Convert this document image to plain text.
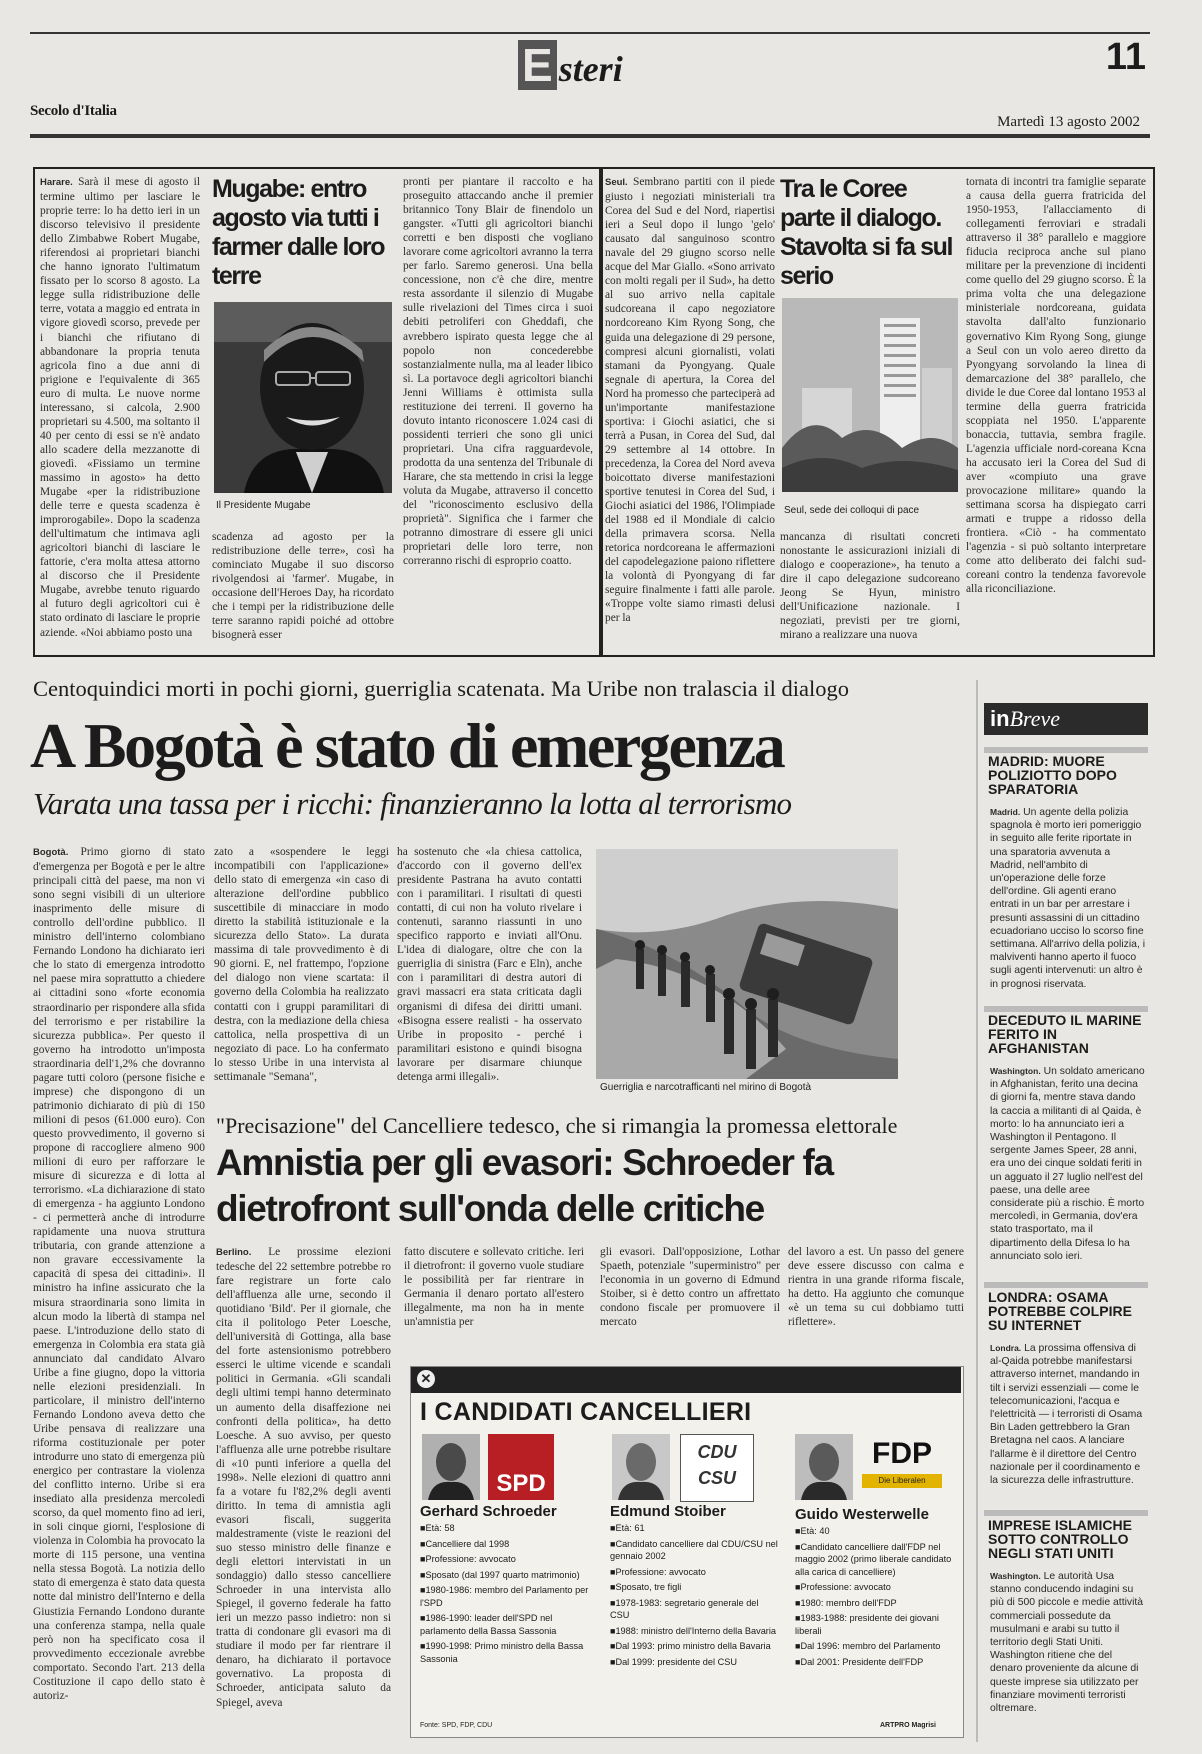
E steri	11
Secolo d'Italia
Martedì 13 agosto 2002
Harare. Sarà il mese di agosto il termine ultimo per lasciare le proprie terre: lo ha detto ieri in un discorso televisivo il presidente dello Zimbabwe Robert Mugabe, riferendosi ai proprietari bianchi che hanno ignorato l'ultimatum fissato per lo scorso 8 agosto. La legge sulla ridistribuzione delle terre, votata a maggio ed entrata in vigore giovedì scorso, prevede per i bianchi che rifiutano di abbandonare la propria tenuta agricola fino a due anni di prigione e l'equivalente di 365 euro di multa. Le nuove norme interessano, si calcola, 2.900 proprietari su 4.500, ma soltanto il 40 per cento di essi se n'è andato allo scadere della mezzanotte di giovedì. «Fissiamo un termine massimo in agosto» ha detto Mugabe «per la ridistribuzione delle terre e questa scadenza è improrogabile». Dopo la scadenza dell'ultimatum che intimava agli agricoltori bianchi di lasciare le fattorie, c'era molta attesa attorno al discorso che il Presidente Mugabe, avrebbe tenuto riguardo al futuro degli agricoltori cui è stato ordinato di lasciare le proprie aziende. «Noi abbiamo posto una
Mugabe: entro agosto via tutti i farmer dalle loro terre
Il Presidente Mugabe
scadenza ad agosto per la redistribuzione delle terre», così ha cominciato Mugabe il suo discorso rivolgendosi ai 'farmer'. Mugabe, in occasione dell'Heroes Day, ha ricordato che i tempi per la ridistribuzione delle terre saranno rapidi poiché ad ottobre bisognerà esser
pronti per piantare il raccolto e ha proseguito attaccando anche il premier britannico Tony Blair de finendolo un gangster. «Tutti gli agricoltori bianchi corretti e ben disposti che vogliano lavorare come agricoltori avranno la terra per farlo. Saremo generosi. Una bella concessione, non c'è che dire, mentre resta assordante il silenzio di Mugabe sulle rivelazioni del Times circa i suoi debiti petroliferi con Gheddafi, che avrebbero ispirato questa legge che al popolo non concederebbe sostanzialmente nulla, ma al leader libico sì. La portavoce degli agricoltori bianchi Jenni Williams è ottimista sulla restituzione dei terreni. Il governo ha dovuto intanto riconoscere 1.024 casi di possidenti terrieri che sono gli unici proprietari. Una cifra ragguardevole, prodotta da una sentenza del Tribunale di Harare, che sta mettendo in crisi la legge voluta da Mugabe, attraverso il concetto del "riconoscimento esclusivo della proprietà". Significa che i farmer che potranno dimostrare di essere gli unici proprietari delle loro terre, non correranno rischi di esproprio coatto.
Seul. Sembrano partiti con il piede giusto i negoziati ministeriali tra Corea del Sud e del Nord, riapertisi ieri a Seul dopo il lungo 'gelo' causato dal sanguinoso scontro navale del 29 giugno scorso nelle acque del Mar Giallo. «Sono arrivato con molti regali per il Sud», ha detto al suo arrivo nella capitale sudcoreana il capo negoziatore nordcoreano Kim Ryong Song, che guida una delegazione di 29 persone, compresi alcuni giornalisti, volati stamani da Pyongyang. Quale segnale di apertura, la Corea del Nord ha promesso che parteciperà ad un'importante manifestazione sportiva: i Giochi asiatici, che si terrà a Pusan, in Corea del Sud, dal 29 settembre al 14 ottobre. In precedenza, la Corea del Nord aveva boicottato diverse manifestazioni sportive tenutesi in Corea del Sud, i Giochi asiatici del 1986, l'Olimpiade del 1988 ed il Mondiale di calcio della primavera scorsa. Nella retorica nordcoreana le affermazioni del capodelegazione paiono riflettere la volontà di Pyongyang di far seguire finalmente i fatti alle parole. «Troppe volte siamo rimasti delusi per la
Tra le Coree parte il dialogo. Stavolta si fa sul serio
Seul, sede dei colloqui di pace
mancanza di risultati concreti nonostante le assicurazioni iniziali di dialogo e cooperazione», ha tenuto a dire il capo delegazione sudcoreano Jeong Se Hyun, ministro dell'Unificazione nazionale. I negoziati, previsti per tre giorni, mirano a realizzare una nuova
tornata di incontri tra famiglie separate a causa della guerra fratricida del 1950-1953, l'allacciamento di collegamenti ferroviari e stradali attraverso il 38° parallelo e maggiore fiducia reciproca anche sul piano militare per la prevenzione di incidenti come quello del 29 giugno scorso. È la prima volta che una delegazione ministeriale nordcoreana, guidata stavolta dall'alto funzionario governativo Kim Ryong Song, giunge a Seul con un volo aereo diretto da Pyongyang sorvolando la linea di demarcazione del 38° parallelo, che divide le due Coree dal lontano 1953 al termine della guerra fratricida scoppiata nel 1950. L'apparente bonaccia, tuttavia, sembra fragile. L'agenzia ufficiale nord-coreana Kcna ha accusato ieri la Corea del Sud di aver «compiuto una grave provocazione militare» quando la settimana scorsa ha dispiegato carri armati e truppe a ridosso della frontiera. «Ciò - ha commentato l'agenzia - si può soltanto interpretare come atto deliberato dei falchi sud-coreani contro la tendenza favorevole alla riconciliazione.
Centoquindici morti in pochi giorni, guerriglia scatenata. Ma Uribe non tralascia il dialogo
A Bogotà è stato di emergenza
Varata una tassa per i ricchi: finanzieranno la lotta al terrorismo
Bogotà. Primo giorno di stato d'emergenza per Bogotà e per le altre principali città del paese, ma non vi sono segni visibili di un ulteriore inasprimento delle misure di controllo dell'ordine pubblico. Il ministro dell'interno colombiano Fernando Londono ha dichiarato ieri che lo stato di emergenza introdotto nel paese mira soprattutto a chiedere ai cittadini sono «forte economia straordinario per rispondere alla sfida del terrorismo e per ristabilire la sicurezza pubblica». Per questo il governo ha introdotto un'imposta straordinaria dell'1,2% che dovranno pagare tutti coloro (persone fisiche e imprese) che dispongono di un patrimonio dichiarato di più di 150 milioni di pesos (61.000 euro). Con questo provvedimento, il governo si propone di raccogliere almeno 900 milioni di euro per rafforzare le misure di sicurezza e di lotta al terrorismo. «La dichiarazione di stato di emergenza - ha aggiunto Londono - ci permetterà anche di introdurre rapidamente una nuova struttura tributaria, con grande attenzione a non gravare eccessivamente la capacità di spesa dei cittadini». Il ministro ha infine assicurato che la misura straordinaria sono limita in alcun modo la libertà di stampa nel paese. L'introduzione dello stato di emergenza in Colombia era stata già annunciato dal candidato Alvaro Uribe a fine giugno, dopo la vittoria nelle elezioni presidenziali. In particolare, il ministro dell'interno Fernando Londono aveva detto che Uribe pensava di realizzare una riforma costituzionale per poter introdurre uno stato di emergenza più energico per contrastare la violenza del conflitto interno. Uribe si era insediato alla presidenza mercoledì scorso, da quel momento fino ad ieri, in soli cinque giorni, l'esplosione di violenza in Colombia ha provocato la morte di 115 persone, una ventina nella stessa Bogotà. La notizia dello stato di emergenza è stato data questa notte dal ministro dell'Interno e della Giustizia Fernando Londono durante una conferenza stampa, nella quale però non ha specificato cosa il provvedimento eccezionale avrebbe comportato. Secondo l'art. 213 della Costituzione il capo dello stato è autoriz-
zato a «sospendere le leggi incompatibili con l'applicazione» dello stato di emergenza «in caso di alterazione dell'ordine pubblico suscettibile di minacciare in modo diretto la stabilità istituzionale e la sicurezza dello Stato». La durata massima di tale provvedimento è di 90 giorni. E, nel frattempo, l'opzione del dialogo non viene scartata: il governo della Colombia ha realizzato contatti con i gruppi paramilitari di destra, con la mediazione della chiesa cattolica, nella prospettiva di un negoziato di pace. Lo ha confermato lo stesso Uribe in una intervista al settimanale "Semana",
ha sostenuto che «la chiesa cattolica, d'accordo con il governo dell'ex presidente Pastrana ha avuto contatti con i paramilitari. I risultati di questi contatti, di cui non ha voluto rivelare i contenuti, saranno riassunti in uno specifico rapporto e inviati all'Onu. L'idea di dialogare, oltre che con la guerriglia di sinistra (Farc e Eln), anche con i paramilitari di destra autori di gravi massacri era stata criticata dagli organismi di difesa dei diritti umani. «Bisogna essere realisti - ha osservato Uribe in proposito - perché i paramilitari esistono e quindi bisogna lavorare per disarmare chiunque detenga armi illegali».
Guerriglia e narcotrafficanti nel mirino di Bogotà
"Precisazione" del Cancelliere tedesco, che si rimangia la promessa elettorale
Amnistia per gli evasori: Schroeder fa dietrofront sull'onda delle critiche
Berlino. Le prossime elezioni tedesche del 22 settembre potrebbe ro fare registrare un forte calo dell'affluenza alle urne, secondo il quotidiano 'Bild'. Per il giornale, che cita il politologo Peter Loesche, dell'università di Gottinga, alla base del forte astensionismo potrebbero esserci le ultime vicende e scandali politici in Germania. «Gli scandali degli ultimi tempi hanno determinato un aumento della disaffezione nei confronti della politica», ha detto Loesche. A suo avviso, per questo l'affluenza alle urne potrebbe risultare di «10 punti inferiore a quella del 1998». Nelle elezioni di quattro anni fa a votare fu l'82,2% degli aventi diritto. In tema di amnistia agli evasori fiscali, suggerita maldestramente (viste le reazioni del suo stesso ministro delle finanze e degli elettori intervistati in un sondaggio) dallo stesso cancelliere Schroeder in una intervista allo Spiegel, il governo federale ha fatto ieri un mezzo passo indietro: non si tratta di condonare gli evasori ma di studiare il modo per far rientrare il denaro, ha dichiarato il portavoce governativo. La proposta di Schroeder, anticipata saluto da Spiegel, aveva
fatto discutere e sollevato critiche. Ieri il dietrofront: il governo vuole studiare le possibilità per far rientrare in Germania il denaro portato all'estero illegalmente, ma non ha in mente un'amnistia per
gli evasori. Dall'opposizione, Lothar Spaeth, potenziale "superministro" per l'economia in un governo di Edmund Stoiber, si è detto contro un affrettato condono fiscale per promuovere il mercato
del lavoro a est. Un passo del genere deve essere discusso con calma e rientra in una grande riforma fiscale, ha detto. Ha aggiunto che comunque «è un tema su cui dobbiamo tutti riflettere».
✕
I CANDIDATI CANCELLIERI
SPD
Gerhard Schroeder
■ Età: 58
■ Cancelliere dal 1998
■ Professione: avvocato
■ Sposato (dal 1997 quarto matrimonio)
■ 1980-1986: membro del Parlamento per l'SPD
■ 1986-1990: leader dell'SPD nel parlamento della Bassa Sassonia
■ 1990-1998: Primo ministro della Bassa Sassonia
CDU CSU
Edmund Stoiber
■ Età: 61
■ Candidato cancelliere dal CDU/CSU nel gennaio 2002
■ Professione: avvocato
■ Sposato, tre figli
■ 1978-1983: segretario generale del CSU
■ 1988: ministro dell'Interno della Bavaria
■ Dal 1993: primo ministro della Bavaria
■ Dal 1999: presidente del CSU
FDP
Die Liberalen
Guido Westerwelle
■ Età: 40
■ Candidato cancelliere dall'FDP nel maggio 2002 (primo liberale candidato alla carica di cancelliere)
■ Professione: avvocato
■ 1980: membro dell'FDP
■ 1983-1988: presidente dei giovani liberali
■ Dal 1996: membro del Parlamento
■ Dal 2001: Presidente dell'FDP
Fonte: SPD, FDP, CDU	ARTPRO Magrisi
inBreve
MADRID: MUORE POLIZIOTTO DOPO SPARATORIA
Madrid. Un agente della polizia spagnola è morto ieri pomeriggio in seguito alle ferite riportate in una sparatoria avvenuta a Madrid, nell'ambito di un'operazione delle forze dell'ordine. Gli agenti erano entrati in un bar per arrestare i presunti assassini di un cittadino ecuadoriano ucciso lo scorso fine settimana. All'arrivo della polizia, i malviventi hanno aperto il fuoco sugli agenti intervenuti: un altro è in prognosi riservata.
DECEDUTO IL MARINE FERITO IN AFGHANISTAN
Washington. Un soldato americano in Afghanistan, ferito una decina di giorni fa, mentre stava dando la caccia a militanti di al Qaida, è morto: lo ha annunciato ieri a Washington il Pentagono. Il sergente James Speer, 28 anni, era uno dei cinque soldati feriti in un agguato il 27 luglio nell'est del paese, una delle aree considerate più a rischio. È morto mercoledì, in Germania, dov'era stato trasportato, ma il dipartimento della Difesa lo ha annunciato solo ieri.
LONDRA: OSAMA POTREBBE COLPIRE SU INTERNET
Londra. La prossima offensiva di al-Qaida potrebbe manifestarsi attraverso internet, mandando in tilt i servizi essenziali — come le telecomunicazioni, l'acqua e l'elettricità — i terroristi di Osama Bin Laden gettrebbero la Gran Bretagna nel caos. A lanciare l'allarme è il direttore del Centro nazionale per il coordinamento e la sicurezza delle infrastrutture.
IMPRESE ISLAMICHE SOTTO CONTROLLO NEGLI STATI UNITI
Washington. Le autorità Usa stanno conducendo indagini su più di 500 piccole e medie attività commerciali possedute da musulmani e arabi su tutto il territorio degli Stati Uniti. Washington ritiene che del denaro proveniente da alcune di queste imprese sia utilizzato per finanziare movimenti terroristi oltremare.
